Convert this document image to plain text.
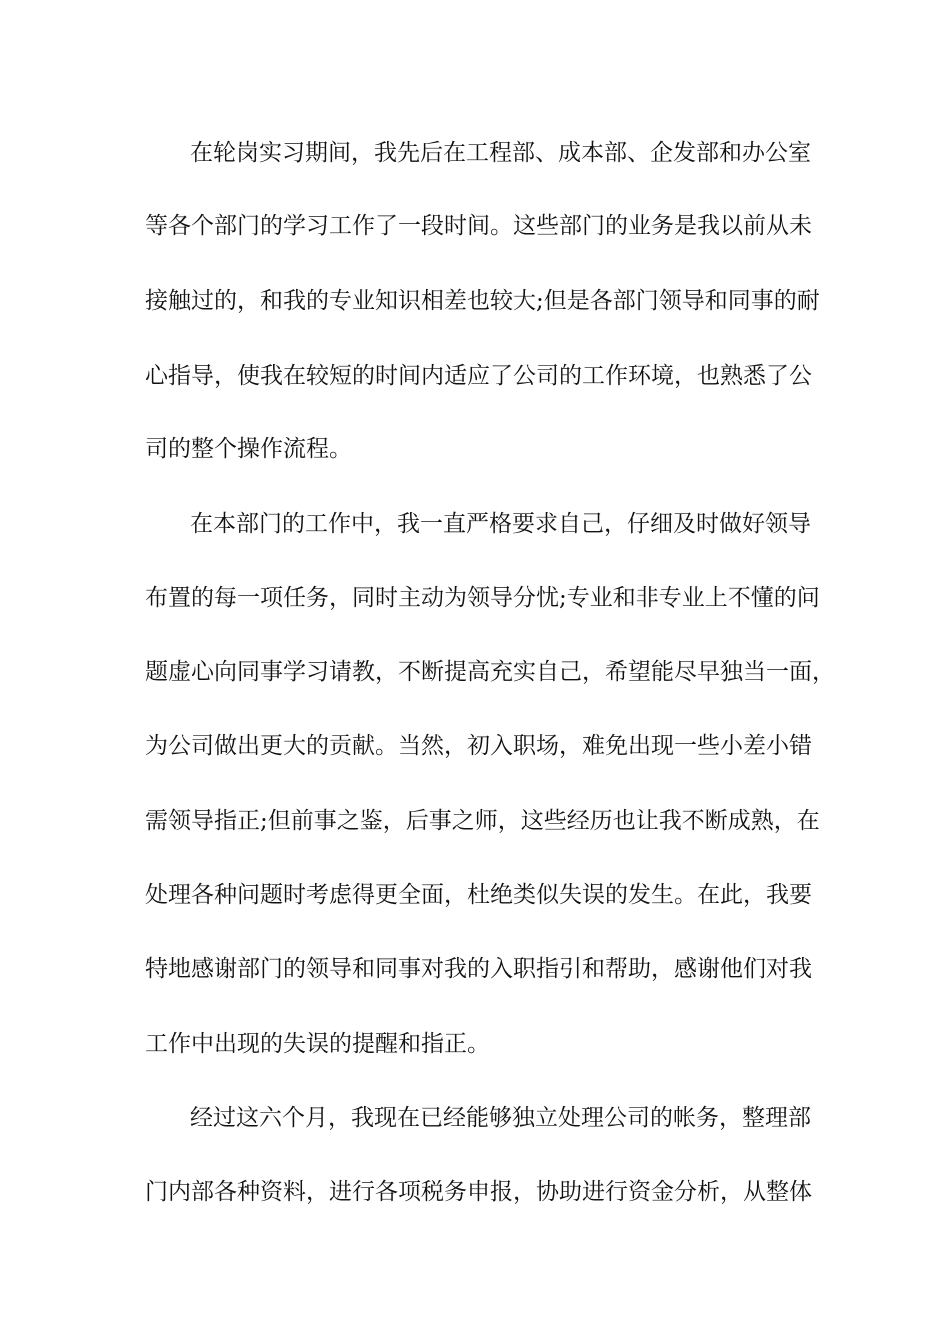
在轮岗实习期间，我先后在工程部、成本部、企发部和办公室

等各个部门的学习工作了一段时间。这些部门的业务是我以前从未

接触过的，和我的专业知识相差也较大;但是各部门领导和同事的耐

心指导，使我在较短的时间内适应了公司的工作环境，也熟悉了公

司的整个操作流程。

在本部门的工作中，我一直严格要求自己，仔细及时做好领导

布置的每一项任务，同时主动为领导分忧;专业和非专业上不懂的问

题虚心向同事学习请教，不断提高充实自己，希望能尽早独当一面，

为公司做出更大的贡献。当然，初入职场，难免出现一些小差小错

需领导指正;但前事之鉴，后事之师，这些经历也让我不断成熟，在

处理各种问题时考虑得更全面，杜绝类似失误的发生。在此，我要

特地感谢部门的领导和同事对我的入职指引和帮助，感谢他们对我

工作中出现的失误的提醒和指正。

经过这六个月，我现在已经能够独立处理公司的帐务，整理部

门内部各种资料，进行各项税务申报，协助进行资金分析，从整体
